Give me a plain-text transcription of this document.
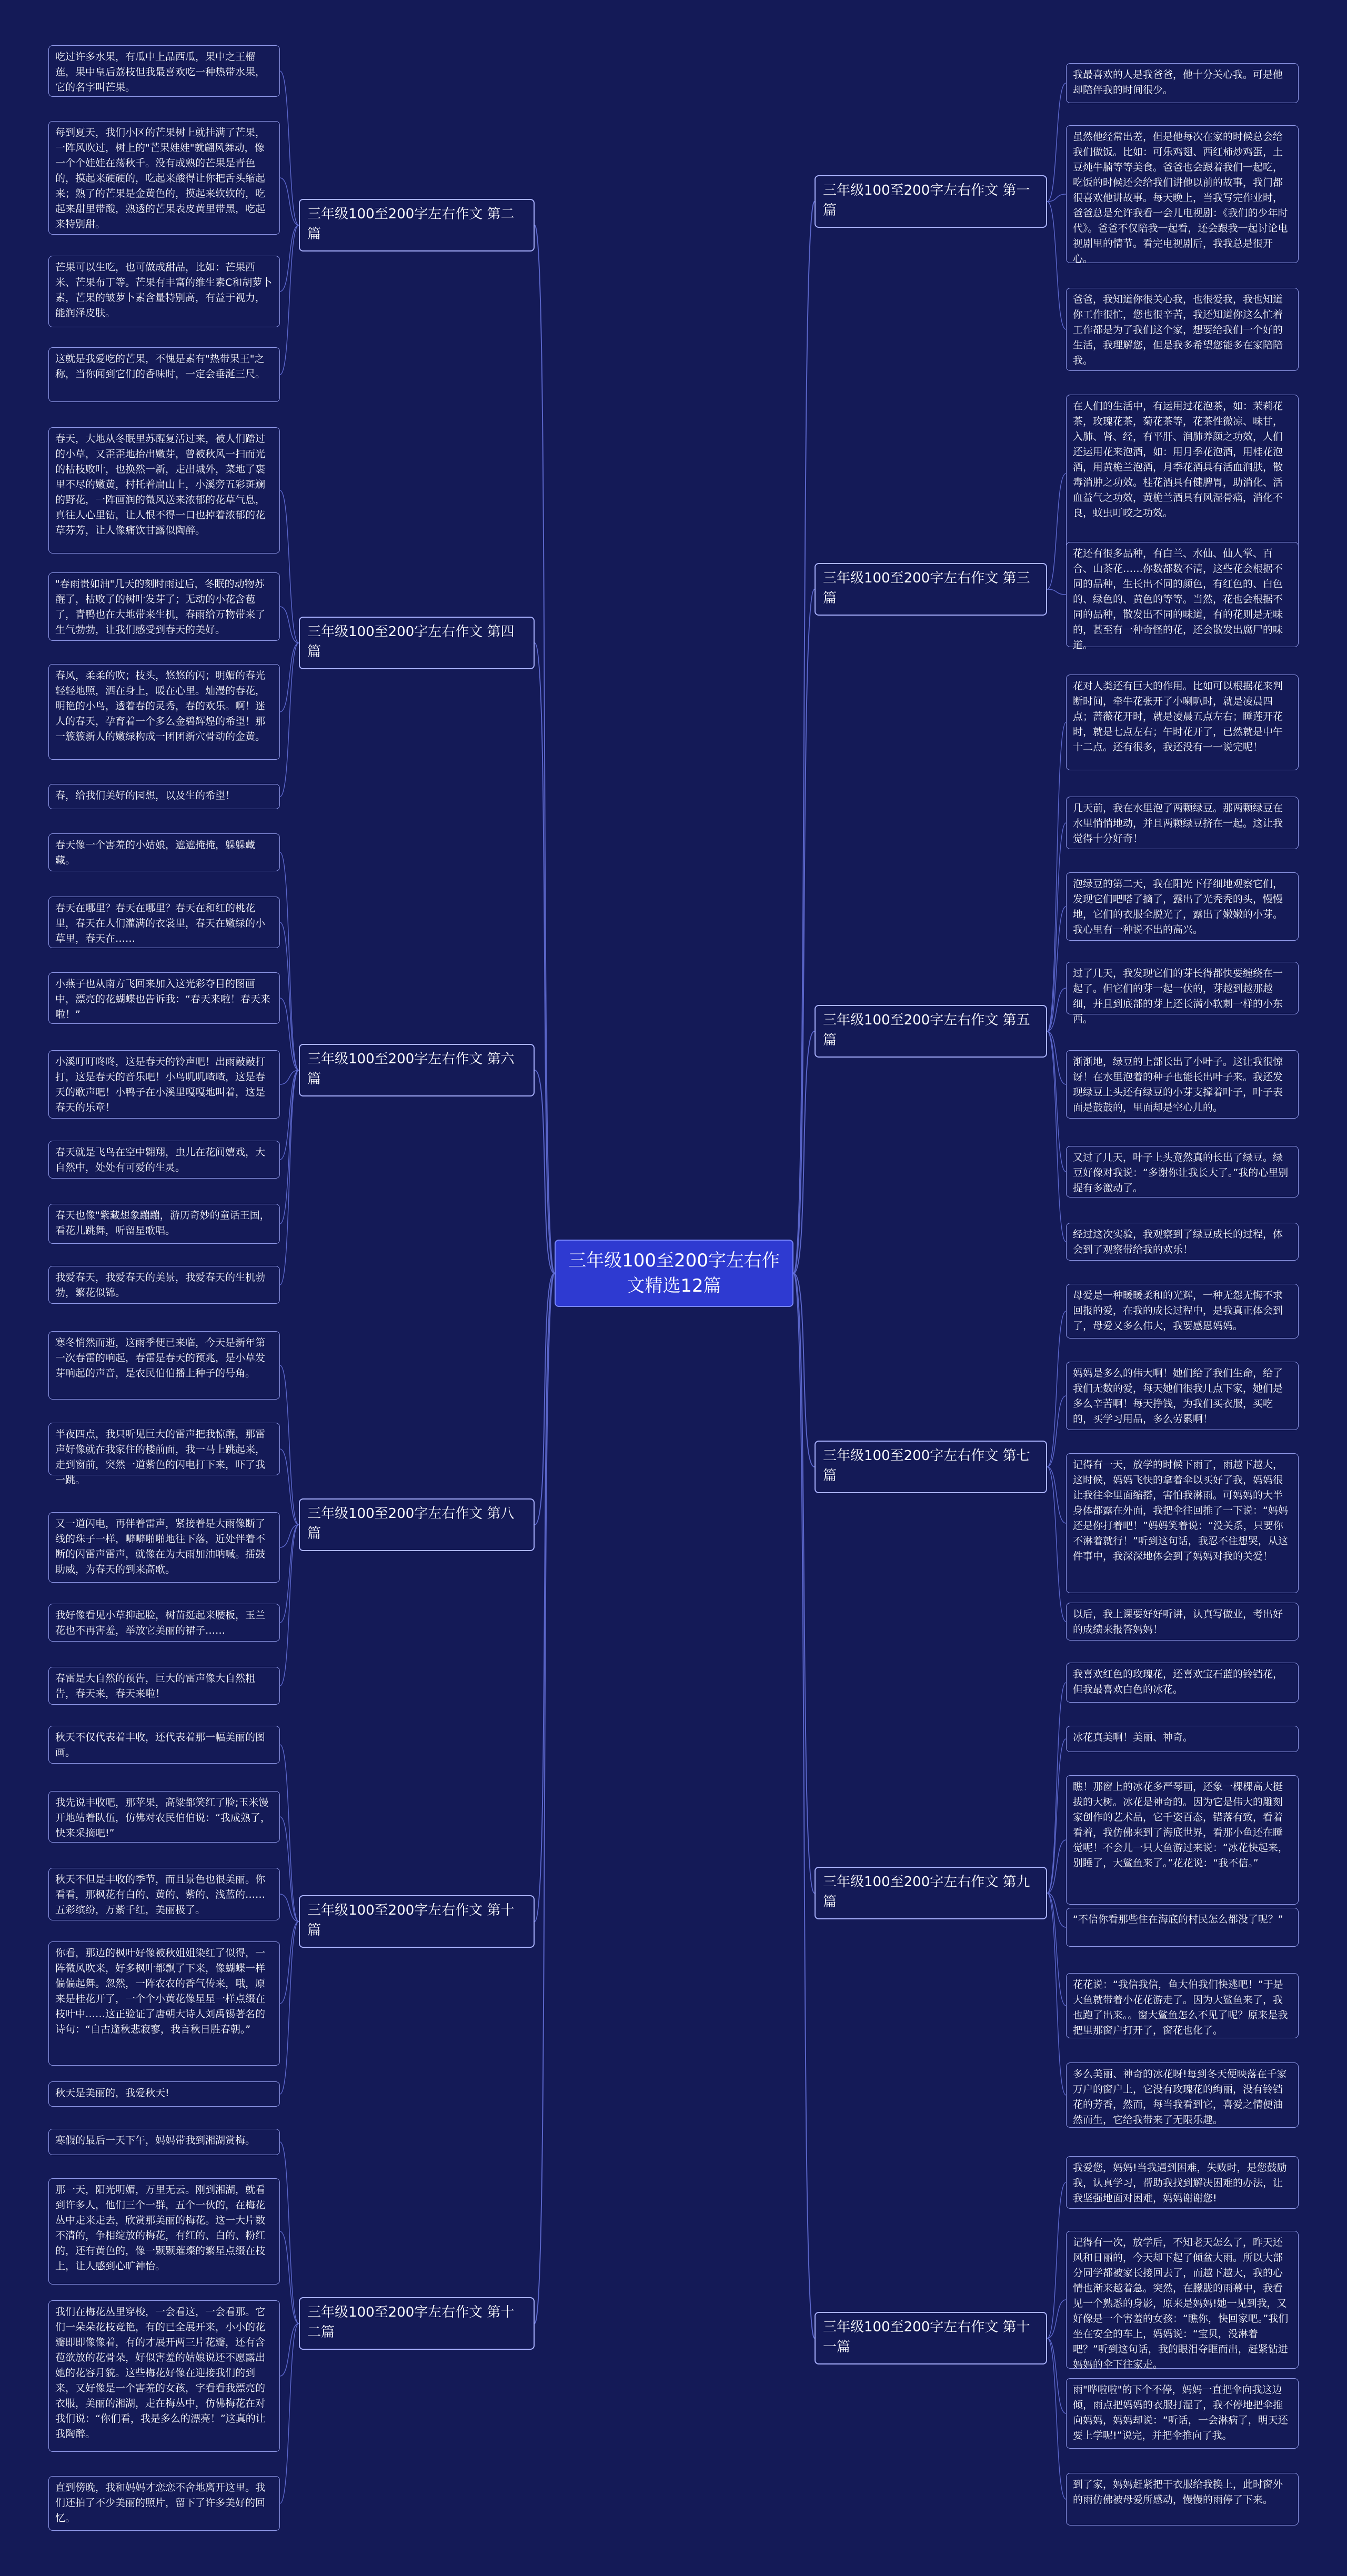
三年级100至200字左右作文精选12篇
三年级100至200字左右作文 第一篇
我最喜欢的人是我爸爸，他十分关心我。可是他却陪伴我的时间很少。
虽然他经常出差，但是他每次在家的时候总会给我们做饭。比如：可乐鸡翅、西红柿炒鸡蛋，土豆炖牛腩等等美食。爸爸也会跟着我们一起吃，吃饭的时候还会给我们讲他以前的故事，我门都很喜欢他讲故事。每天晚上，当我写完作业时，爸爸总是允许我看一会儿电视剧：《我们的少年时代》。爸爸不仅陪我一起看，还会跟我一起讨论电视剧里的情节。看完电视剧后，我我总是很开心。
爸爸，我知道你很关心我，也很爱我，我也知道你工作很忙，您也很辛苦，我还知道你这么忙着工作都是为了我们这个家，想要给我们一个好的生活，我理解您，但是我多希望您能多在家陪陪我。
三年级100至200字左右作文 第二篇
吃过许多水果，有瓜中上品西瓜，果中之王榴莲，果中皇后荔枝但我最喜欢吃一种热带水果，它的名字叫芒果。
每到夏天，我们小区的芒果树上就挂满了芒果，一阵风吹过，树上的"芒果娃娃"就翩风舞动，像一个个娃娃在荡秋千。没有成熟的芒果是青色的，摸起来硬硬的，吃起来酸得让你把舌头缩起来；熟了的芒果是金黄色的，摸起来软软的，吃起来甜里带酸，熟透的芒果表皮黄里带黑，吃起来特别甜。
芒果可以生吃，也可做成甜品，比如：芒果西米、芒果布丁等。芒果有丰富的维生素C和胡萝卜素，芒果的皱萝卜素含量特别高，有益于视力，能润泽皮肤。
这就是我爱吃的芒果，不愧是素有"热带果王"之称，当你闻到它们的香味时，一定会垂涎三尺。
三年级100至200字左右作文 第三篇
在人们的生活中，有运用过花泡茶，如：茉莉花茶，玫瑰花茶，菊花茶等，花茶性微凉、味甘，入肺、肾、经，有平肝、润肺养颜之功效，人们还运用花来泡酒，如：用月季花泡酒，用桂花泡酒，用黄桅兰泡酒，月季花酒具有活血润肤，散毒消肿之功效。桂花酒具有健脾胃，助消化、活血益气之功效，黄桅兰酒具有风湿骨痛，消化不良，蚊虫叮咬之功效。
花还有很多品种，有白兰、水仙、仙人掌、百合、山茶花……你数都数不清，这些花会根据不同的品种，生长出不同的颜色，有红色的、白色的、绿色的、黄色的等等。当然，花也会根据不同的品种，散发出不同的味道，有的花则是无味的，甚至有一种奇怪的花，还会散发出腐尸的味道。
三年级100至200字左右作文 第四篇
春天，大地从冬眠里苏醒复活过来，被人们踏过的小草，又歪歪地抬出嫩芽，曾被秋风一扫而光的枯枝败叶，也换然一新，走出城外，菜地了裹里不尽的嫩黄，村托着扁山上，小溪旁五彩斑斓的野花，一阵画润的微风送来浓郁的花草气息，真往人心里钻，让人恨不得一口也掉着浓郁的花草芬芳，让人像痛饮甘露似陶醉。
"春雨贵如油"几天的刻时雨过后，冬眠的动物苏醒了，枯败了的树叶发芽了；无动的小花含苞了，青鸭也在大地带来生机，春雨给万物带来了生气勃勃，让我们感受到春天的美好。
春风，柔柔的吹；枝头，悠悠的闪；明媚的春光轻轻地照，洒在身上，暖在心里。灿漫的春花，明艳的小鸟，透着春的灵秀，春的欢乐。啊！迷人的春天，孕育着一个多么金碧辉煌的希望！那一簇簇新人的嫩绿构成一团团新穴骨动的金黄。
春，给我们美好的园想，以及生的希望！
三年级100至200字左右作文 第五篇
花对人类还有巨大的作用。比如可以根据花来判断时间，牵牛花张开了小喇叭时，就是凌晨四点；蔷薇花开时，就是凌晨五点左右；睡莲开花时，就是七点左右；午时花开了，已然就是中午十二点。还有很多，我还没有一一说完呢！
几天前，我在水里泡了两颗绿豆。那两颗绿豆在水里悄悄地动，并且两颗绿豆挤在一起。这让我觉得十分好奇！
泡绿豆的第二天，我在阳光下仔细地观察它们，发现它们吧嗒了摘了，露出了光秃秃的头，慢慢地，它们的衣服全脱光了，露出了嫩嫩的小芽。我心里有一种说不出的高兴。
过了几天，我发现它们的芽长得都快要缠绕在一起了。但它们的芽一起一伏的，芽越到越那越细，并且到底部的芽上还长满小软刺一样的小东西。
渐渐地，绿豆的上部长出了小叶子。这让我很惊讶！在水里泡着的种子也能长出叶子来。我还发现绿豆上头还有绿豆的小芽支撑着叶子，叶子表面是鼓鼓的，里面却是空心儿的。
又过了几天，叶子上头竟然真的长出了绿豆。绿豆好像对我说：“多谢你让我长大了。”我的心里别提有多激动了。
经过这次实验，我观察到了绿豆成长的过程，体会到了观察带给我的欢乐！
三年级100至200字左右作文 第六篇
春天像一个害羞的小姑娘，遮遮掩掩，躲躲藏藏。
春天在哪里？春天在哪里？春天在和红的桃花里，春天在人们灌满的衣裳里，春天在嫩绿的小草里，春天在……
小燕子也从南方飞回来加入这光彩夺目的图画中，漂亮的花蝴蝶也告诉我：“春天来啦！春天来啦！”
小溪叮叮咚咚，这是春天的铃声吧！出雨敲敲打打，这是春天的音乐吧！小鸟叽叽喳喳，这是春天的歌声吧！小鸭子在小溪里嘎嘎地叫着，这是春天的乐章！
春天就是飞鸟在空中翱翔，虫儿在花间嬉戏，大自然中，处处有可爱的生灵。
春天也像"紫藏想象蹦蹦，游历奇妙的童话王国，看花儿跳舞，听留星歌唱。
我爱春天，我爱春天的美景，我爱春天的生机勃勃，繁花似锦。
三年级100至200字左右作文 第七篇
母爱是一种暖暖柔和的光辉，一种无怨无悔不求回报的爱，在我的成长过程中，是我真正体会到了，母爱又多么伟大，我要感恩妈妈。
妈妈是多么的伟大啊！她们给了我们生命，给了我们无数的爱，每天她们很我几点下家，她们是多么辛苦啊！每天挣钱，为我们买衣服，买吃的，买学习用品，多么劳累啊！
记得有一天，放学的时候下雨了，雨越下越大，这时候，妈妈飞快的拿着伞以买好了我，妈妈很让我往伞里面缩搭，害怕我淋雨。可妈妈的大半身体都露在外面，我把伞往回推了一下说：“妈妈还是你打着吧！”妈妈笑着说：“没关系，只要你不淋着就行！”听到这句话，我忍不住想哭，从这件事中，我深深地体会到了妈妈对我的关爱！
以后，我上课要好好听讲，认真写做业，考出好的成绩来报答妈妈！
三年级100至200字左右作文 第八篇
寒冬悄然而逝，这雨季便已来临，今天是新年第一次春雷的响起，春雷是春天的预兆，是小草发芽响起的声音，是农民伯伯播上种子的号角。
半夜四点，我只听见巨大的雷声把我惊醒，那雷声好像就在我家住的楼前面，我一马上跳起来，走到窗前，突然一道紫色的闪电打下来，吓了我一跳。
又一道闪电，再伴着雷声，紧接着是大雨像断了线的珠子一样，噼噼啪啪地往下落，近处伴着不断的闪雷声雷声，就像在为大雨加油呐喊。擂鼓助威，为春天的到来高歌。
我好像看见小草抑起脸，树苗挺起来腰板，玉兰花也不再害羞，举放它美丽的裙子……
春雷是大自然的预告，巨大的雷声像大自然粗告，春天来，春天来啦！
三年级100至200字左右作文 第九篇
我喜欢红色的玫瑰花，还喜欢宝石蓝的铃铛花，但我最喜欢白色的冰花。
冰花真美啊！美丽、神奇。
瞧！那窗上的冰花多严琴画，还象一棵棵高大挺拔的大树。冰花是神奇的。因为它是伟大的雕刻家创作的艺术品，它千姿百态，错落有致，看着看着，我仿佛来到了海底世界，看那小鱼还在睡觉呢！不会儿一只大鱼游过来说：“冰花快起来，别睡了，大鲨鱼来了。”花花说：“我不信。”
“不信你看那些住在海底的村民怎么都没了呢？”
花花说：“我信我信，鱼大伯我们快逃吧！”于是大鱼就带着小花花游走了。因为大鲨鱼来了，我也跑了出来。。窗大鲨鱼怎么不见了呢？原来是我把里那窗户打开了，窗花也化了。
多么美丽、神奇的冰花呀!每到冬天便映落在千家万户的窗户上，它没有玫瑰花的绚丽，没有铃铛花的芳香，然而，每当我看到它，喜爱之情便油然而生，它给我带来了无限乐趣。
三年级100至200字左右作文 第十篇
秋天不仅代表着丰收，还代表着那一幅美丽的图画。
我先说丰收吧，那苹果，高粱都笑红了脸;玉米馒开地站着队伍，仿佛对农民伯伯说：“我成熟了，快来采摘吧!”
秋天不但是丰收的季节，而且景色也很美丽。你看看，那枫花有白的、黄的、紫的、浅蓝的……五彩缤纷，万紫千红，美丽极了。
你看，那边的枫叶好像被秋姐姐染红了似得，一阵微风吹来，好多枫叶都飘了下来，像蝴蝶一样偏偏起舞。忽然，一阵农农的香气传来，哦，原来是桂花开了，一个个小黄花像星星一样点缀在枝叶中……这正验证了唐朝大诗人刘禹锡著名的诗句：“自古逢秋悲寂寥，我言秋日胜春朝。”
秋天是美丽的，我爱秋天!
三年级100至200字左右作文 第十一篇
我爱您，妈妈!当我遇到困难，失败时，是您鼓励我，认真学习，帮助我找到解决困难的办法，让我坚强地面对困难，妈妈谢谢您!
记得有一次，放学后，不知老天怎么了，昨天还风和日丽的，今天却下起了倾盆大雨。所以大部分同学都被家长接回去了，而越下越大，我的心情也渐来越着急。突然，在朦胧的雨幕中，我看见一个熟悉的身影，原来是妈妈!她一见到我，又好像是一个害羞的女孩：“瞧你，快回家吧。”我们坐在安全的车上，妈妈说：“宝贝，没淋着吧？”听到这句话，我的眼泪夺眶而出，赶紧钻进妈妈的伞下往家走。
雨"哗啦啦"的下个不停，妈妈一直把伞向我这边倾，雨点把妈妈的衣服打湿了，我不停地把伞推向妈妈，妈妈却说：“听话，一会淋病了，明天还要上学呢!”说完，并把伞推向了我。
到了家，妈妈赶紧把干衣服给我换上，此时窗外的雨仿佛被母爱所感动，慢慢的雨停了下来。
三年级100至200字左右作文 第十二篇
寒假的最后一天下午，妈妈带我到湘湖赏梅。
那一天，阳光明媚，万里无云。刚到湘湖，就看到许多人，他们三个一群，五个一伙的，在梅花丛中走来走去，欣赏那美丽的梅花。这一大片数不清的，争相绽放的梅花，有红的、白的、粉红的，还有黄色的，像一颗颗璀璨的繁星点缀在枝上，让人感到心旷神怡。
我们在梅花丛里穿梭，一会看这，一会看那。它们一朵朵花枝竞艳，有的已全展开来，小小的花瓣即即像像着，有的才展开两三片花瓣，还有含苞欲放的花骨朵，好似害羞的姑娘说还不愿露出她的花容月貌。这些梅花好像在迎接我们的到来，又好像是一个害羞的女孩，字看看我漂亮的衣服，美丽的湘湖，走在梅丛中，仿佛梅花在对我们说：“你们看，我是多么的漂亮！”这真的让我陶醉。
直到傍晚，我和妈妈才恋恋不舍地离开这里。我们还拍了不少美丽的照片，留下了许多美好的回忆。
